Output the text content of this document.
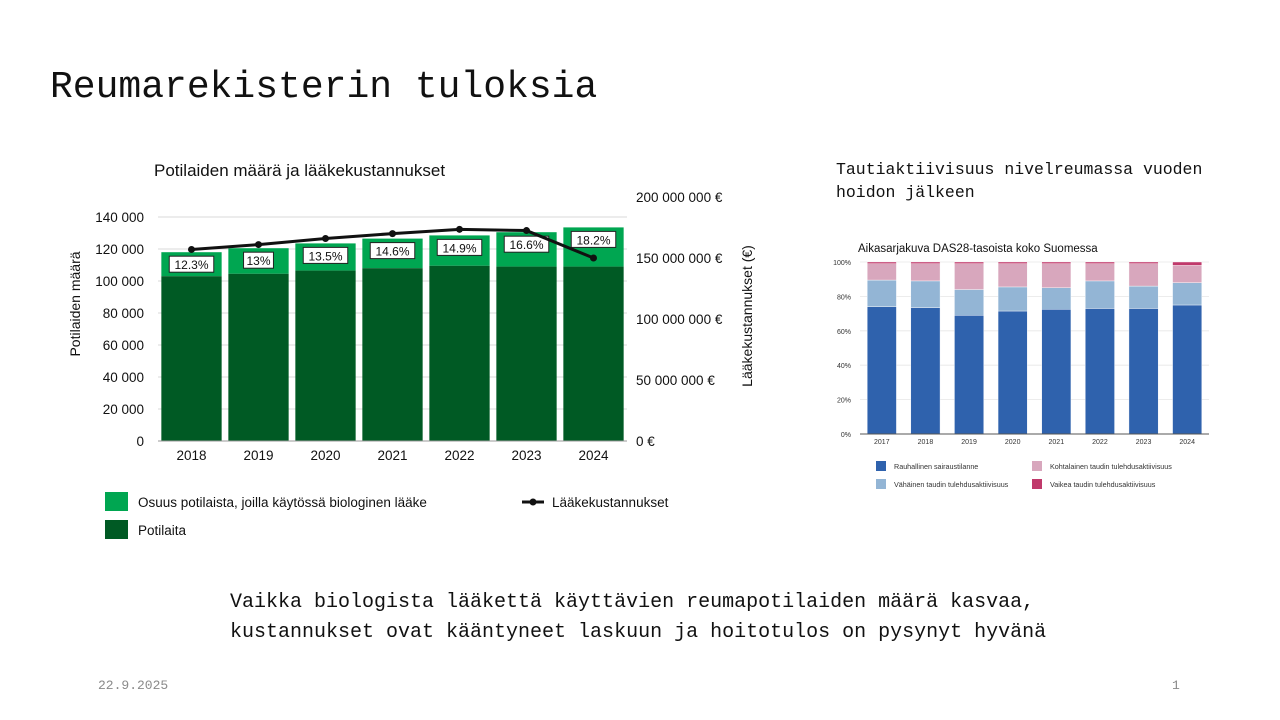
Reumarekisterin tuloksia
Potilaiden määrä ja lääkekustannukset
12.3%	13%	13.5%	14.6%	14.9%	16.6%	18.2%
0
20 000
40 000
60 000
80 000
100 000
120 000
140 000
0 €
50 000 000 €
100 000 000 €
150 000 000 €
200 000 000 €
2018	2019	2020	2021	2022	2023	2024
Potilaiden määrä	Lääkekustannukset (€)
Osuus potilaista, joilla käytössä biologinen lääke
Potilaita
Lääkekustannukset
Tautiaktiivisuus nivelreumassa vuoden hoidon jälkeen
Aikasarjakuva DAS28-tasoista koko Suomessa
0%
20%
40%
60%
80%
100%
2017	2018	2019	2020	2021	2022	2023	2024
Rauhallinen sairaustilanne
Vähäinen taudin tulehdusaktiivisuus
Kohtalainen taudin tulehdusaktiivisuus
Vaikea taudin tulehdusaktiivisuus
Vaikka biologista lääkettä käyttävien reumapotilaiden määrä kasvaa, kustannukset ovat kääntyneet laskuun ja hoitotulos on pysynyt hyvänä
22.9.2025	1
